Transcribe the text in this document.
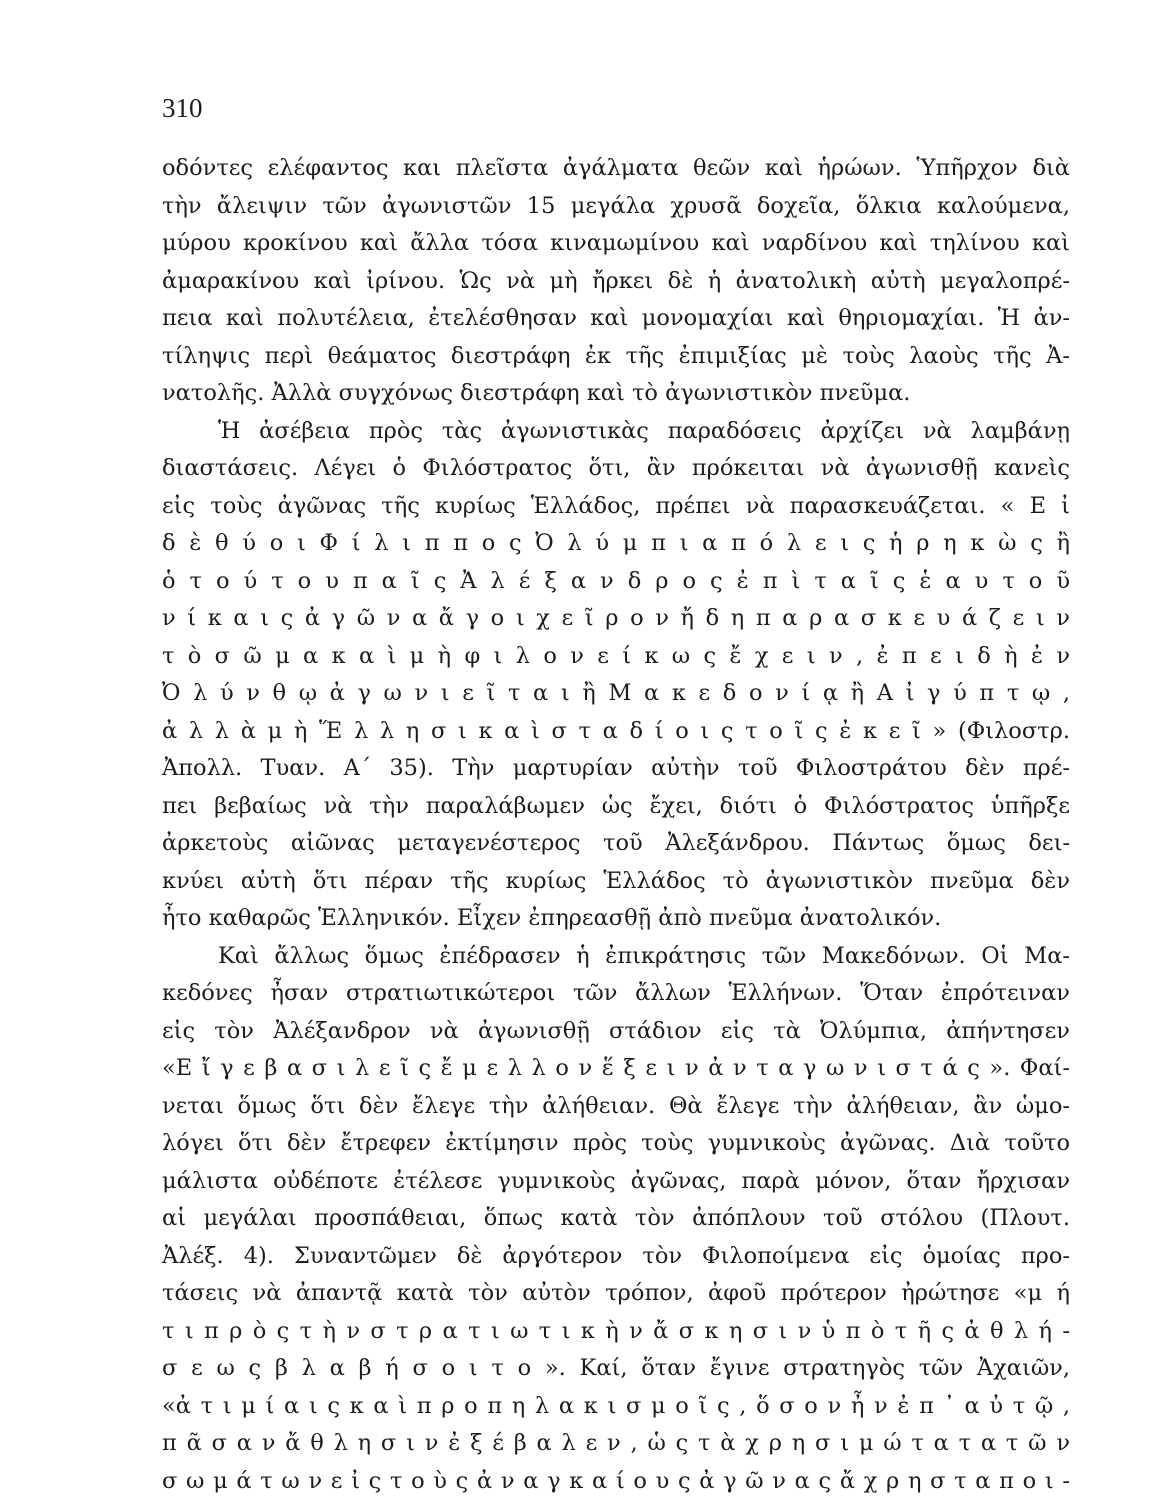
310
οδόντες ελέφαντος και πλεῖστα ἀγάλματα θεῶν καὶ ἡρώων. Ὑπῆρχον διὰ
τὴν ἄλειψιν τῶν ἀγωνιστῶν 15 μεγάλα χρυσᾶ δοχεῖα, ὅλκια καλούμενα,
μύρου κροκίνου καὶ ἄλλα τόσα κιναμωμίνου καὶ ναρδίνου καὶ τηλίνου καὶ
ἀμαρακίνου καὶ ἰρίνου. Ὡς νὰ μὴ ἤρκει δὲ ἡ ἀνατολικὴ αὐτὴ μεγαλοπρέ-
πεια καὶ πολυτέλεια, ἐτελέσθησαν καὶ μονομαχίαι καὶ θηριομαχίαι. Ἡ ἀν-
τίληψις περὶ θεάματος διεστράφη ἐκ τῆς ἐπιμιξίας μὲ τοὺς λαοὺς τῆς Ἀ-
νατολῆς. Ἀλλὰ συγχόνως διεστράφη καὶ τὸ ἀγωνιστικὸν πνεῦμα.
Ἡ ἀσέβεια πρὸς τὰς ἀγωνιστικὰς παραδόσεις ἀρχίζει νὰ λαμβάνῃ
διαστάσεις. Λέγει ὁ Φιλόστρατος ὅτι, ἂν πρόκειται νὰ ἀγωνισθῇ κανεὶς
εἰς τοὺς ἀγῶνας τῆς κυρίως Ἑλλάδος, πρέπει νὰ παρασκευάζεται. « Ε ἰ
δ ὲ θ ύ ο ι Φ ί λ ι π π ο ς Ὀ λ ύ μ π ι α π ό λ ε ι ς ἡ ρ η κ ὼ ς ἢ
ὁ τ ο ύ τ ο υ π α ῖ ς Ἀ λ έ ξ α ν δ ρ ο ς ἐ π ὶ τ α ῖ ς ἑ α υ τ ο ῦ
ν ί κ α ι ς ἀ γ ῶ ν α ἄ γ ο ι χ ε ῖ ρ ο ν ἤ δ η π α ρ α σ κ ε υ ά ζ ε ι ν
τ ὸ σ ῶ μ α κ α ὶ μ ὴ φ ι λ ο ν ε ί κ ω ς ἔ χ ε ι ν , ἐ π ε ι δ ὴ ἐ ν
Ὀ λ ύ ν θ ῳ ἀ γ ω ν ι ε ῖ τ α ι ἢ Μ α κ ε δ ο ν ί ᾳ ἢ Α ἰ γ ύ π τ ῳ ,
ἀ λ λ ὰ μ ὴ Ἕ λ λ η σ ι κ α ὶ σ τ α δ ί ο ι ς τ ο ῖ ς ἐ κ ε ῖ » (Φιλοστρ.
Ἀπολλ. Τυαν. Α΄ 35). Τὴν μαρτυρίαν αὐτὴν τοῦ Φιλοστράτου δὲν πρέ-
πει βεβαίως νὰ τὴν παραλάβωμεν ὡς ἔχει, διότι ὁ Φιλόστρατος ὑπῆρξε
ἀρκετοὺς αἰῶνας μεταγενέστερος τοῦ Ἀλεξάνδρου. Πάντως ὅμως δει-
κνύει αὐτὴ ὅτι πέραν τῆς κυρίως Ἑλλάδος τὸ ἀγωνιστικὸν πνεῦμα δὲν
ἦτο καθαρῶς Ἑλληνικόν. Εἶχεν ἐπηρεασθῇ ἀπὸ πνεῦμα ἀνατολικόν.
Καὶ ἄλλως ὅμως ἐπέδρασεν ἡ ἐπικράτησις τῶν Μακεδόνων. Οἱ Μα-
κεδόνες ἦσαν στρατιωτικώτεροι τῶν ἄλλων Ἑλλήνων. Ὅταν ἐπρότειναν
εἰς τὸν Ἀλέξανδρον νὰ ἀγωνισθῇ στάδιον εἰς τὰ Ὀλύμπια, ἀπήντησεν
«Ε ἴ γ ε β α σ ι λ ε ῖ ς ἔ μ ε λ λ ο ν ἕ ξ ε ι ν ἀ ν τ α γ ω ν ι σ τ ά ς ». Φαί-
νεται ὅμως ὅτι δὲν ἔλεγε τὴν ἀλήθειαν. Θὰ ἔλεγε τὴν ἀλήθειαν, ἂν ὡμο-
λόγει ὅτι δὲν ἔτρεφεν ἐκτίμησιν πρὸς τοὺς γυμνικοὺς ἀγῶνας. Διὰ τοῦτο
μάλιστα οὐδέποτε ἐτέλεσε γυμνικοὺς ἀγῶνας, παρὰ μόνον, ὅταν ἤρχισαν
αἱ μεγάλαι προσπάθειαι, ὅπως κατὰ τὸν ἀπόπλουν τοῦ στόλου (Πλουτ.
Ἀλέξ. 4). Συναντῶμεν δὲ ἀργότερον τὸν Φιλοποίμενα εἰς ὁμοίας προ-
τάσεις νὰ ἀπαντᾷ κατὰ τὸν αὐτὸν τρόπον, ἀφοῦ πρότερον ἠρώτησε «μ ή
τ ι π ρ ὸ ς τ ὴ ν σ τ ρ α τ ι ω τ ι κ ὴ ν ἄ σ κ η σ ι ν ὑ π ὸ τ ῆ ς ἀ θ λ ή -
σ ε ω ς β λ α β ή σ ο ι τ ο ». Καί, ὅταν ἔγινε στρατηγὸς τῶν Ἀχαιῶν,
«ἀ τ ι μ ί α ι ς κ α ὶ π ρ ο π η λ α κ ι σ μ ο ῖ ς , ὅ σ ο ν ἦ ν ἐ π ᾽ α ὐ τ ῷ ,
π ᾶ σ α ν ἄ θ λ η σ ι ν ἐ ξ έ β α λ ε ν , ὡ ς τ ὰ χ ρ η σ ι μ ώ τ α τ α τ ῶ ν
σ ω μ ά τ ω ν ε ἰ ς τ ο ὺ ς ἀ ν α γ κ α ί ο υ ς ἀ γ ῶ ν α ς ἄ χ ρ η σ τ α π ο ι -
